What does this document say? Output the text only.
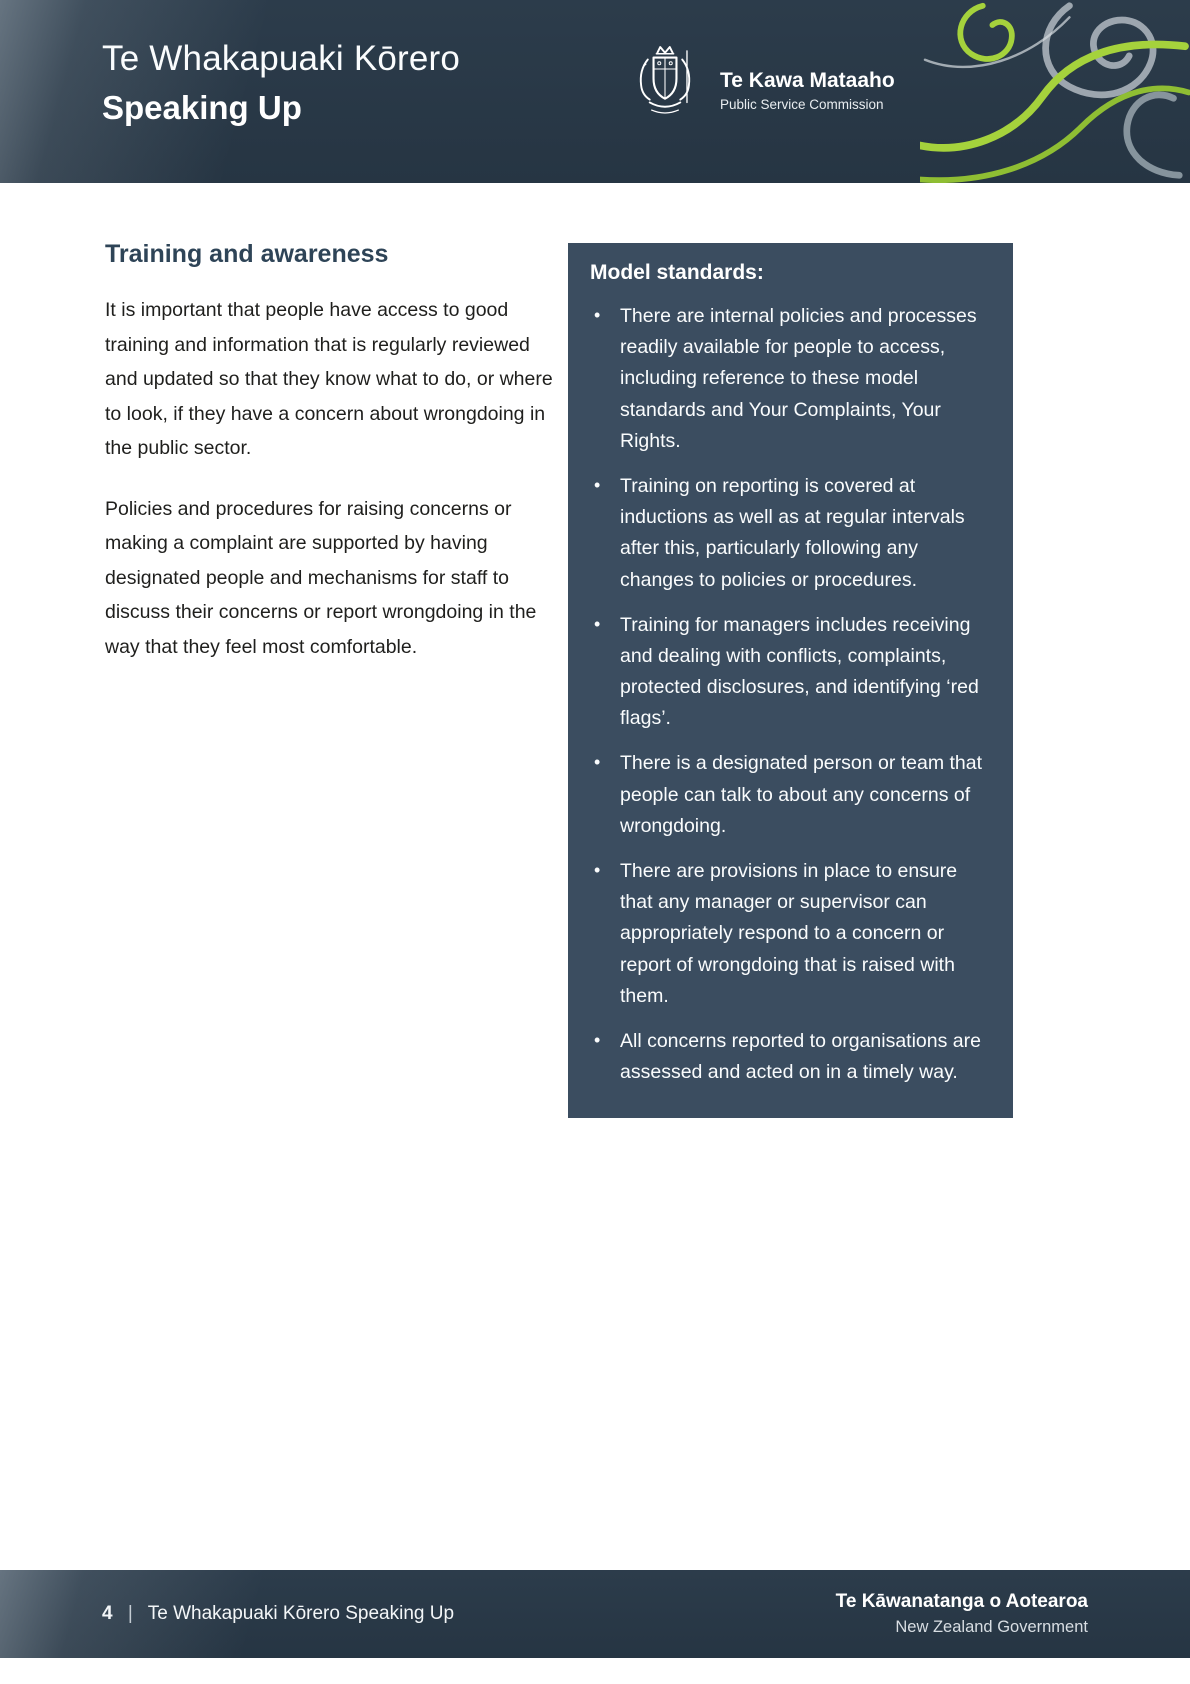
Te Whakapuaki Kōrero
Speaking Up
Te Kawa Mataaho
Public Service Commission
Training and awareness

It is important that people have access to good training and information that is regularly reviewed and updated so that they know what to do, or where to look, if they have a concern about wrongdoing in the public sector.

Policies and procedures for raising concerns or making a complaint are supported by having designated people and mechanisms for staff to discuss their concerns or report wrongdoing in the way that they feel most comfortable.

Model standards:
•	There are internal policies and processes readily available for people to access, including reference to these model standards and Your Complaints, Your Rights.
•	Training on reporting is covered at inductions as well as at regular intervals after this, particularly following any changes to policies or procedures.
•	Training for managers includes receiving and dealing with conflicts, complaints, protected disclosures, and identifying ‘red flags’.
•	There is a designated person or team that people can talk to about any concerns of wrongdoing.
•	There are provisions in place to ensure that any manager or supervisor can appropriately respond to a concern or report of wrongdoing that is raised with them.
•	All concerns reported to organisations are assessed and acted on in a timely way.
4 | Te Whakapuaki Kōrero Speaking Up
Te Kāwanatanga o Aotearoa
New Zealand Government
